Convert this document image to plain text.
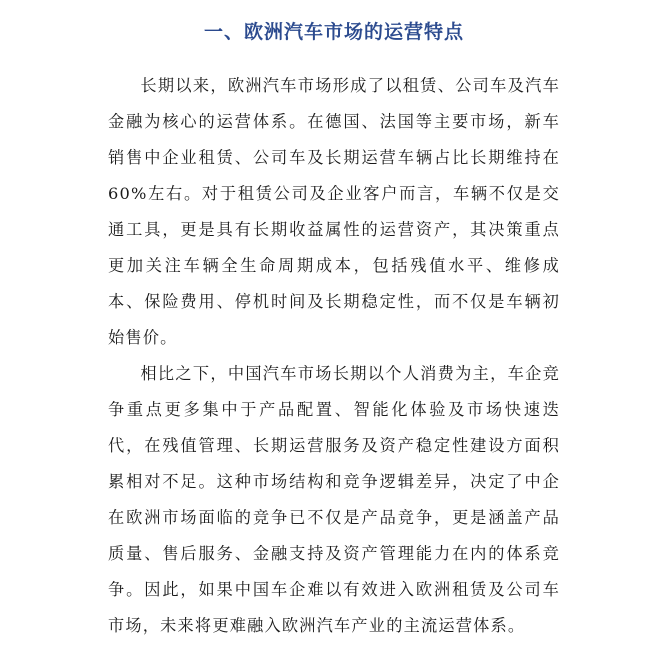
一、欧洲汽车市场的运营特点

长期以来，欧洲汽车市场形成了以租赁、公司车及汽车金融为核心的运营体系。在德国、法国等主要市场，新车销售中企业租赁、公司车及长期运营车辆占比长期维持在 60%左右。对于租赁公司及企业客户而言，车辆不仅是交通工具，更是具有长期收益属性的运营资产，其决策重点更加关注车辆全生命周期成本，包括残值水平、维修成本、保险费用、停机时间及长期稳定性，而不仅是车辆初始售价。

相比之下，中国汽车市场长期以个人消费为主，车企竞争重点更多集中于产品配置、智能化体验及市场快速迭代，在残值管理、长期运营服务及资产稳定性建设方面积累相对不足。这种市场结构和竞争逻辑差异，决定了中企在欧洲市场面临的竞争已不仅是产品竞争，更是涵盖产品质量、售后服务、金融支持及资产管理能力在内的体系竞争。因此，如果中国车企难以有效进入欧洲租赁及公司车市场，未来将更难融入欧洲汽车产业的主流运营体系。
